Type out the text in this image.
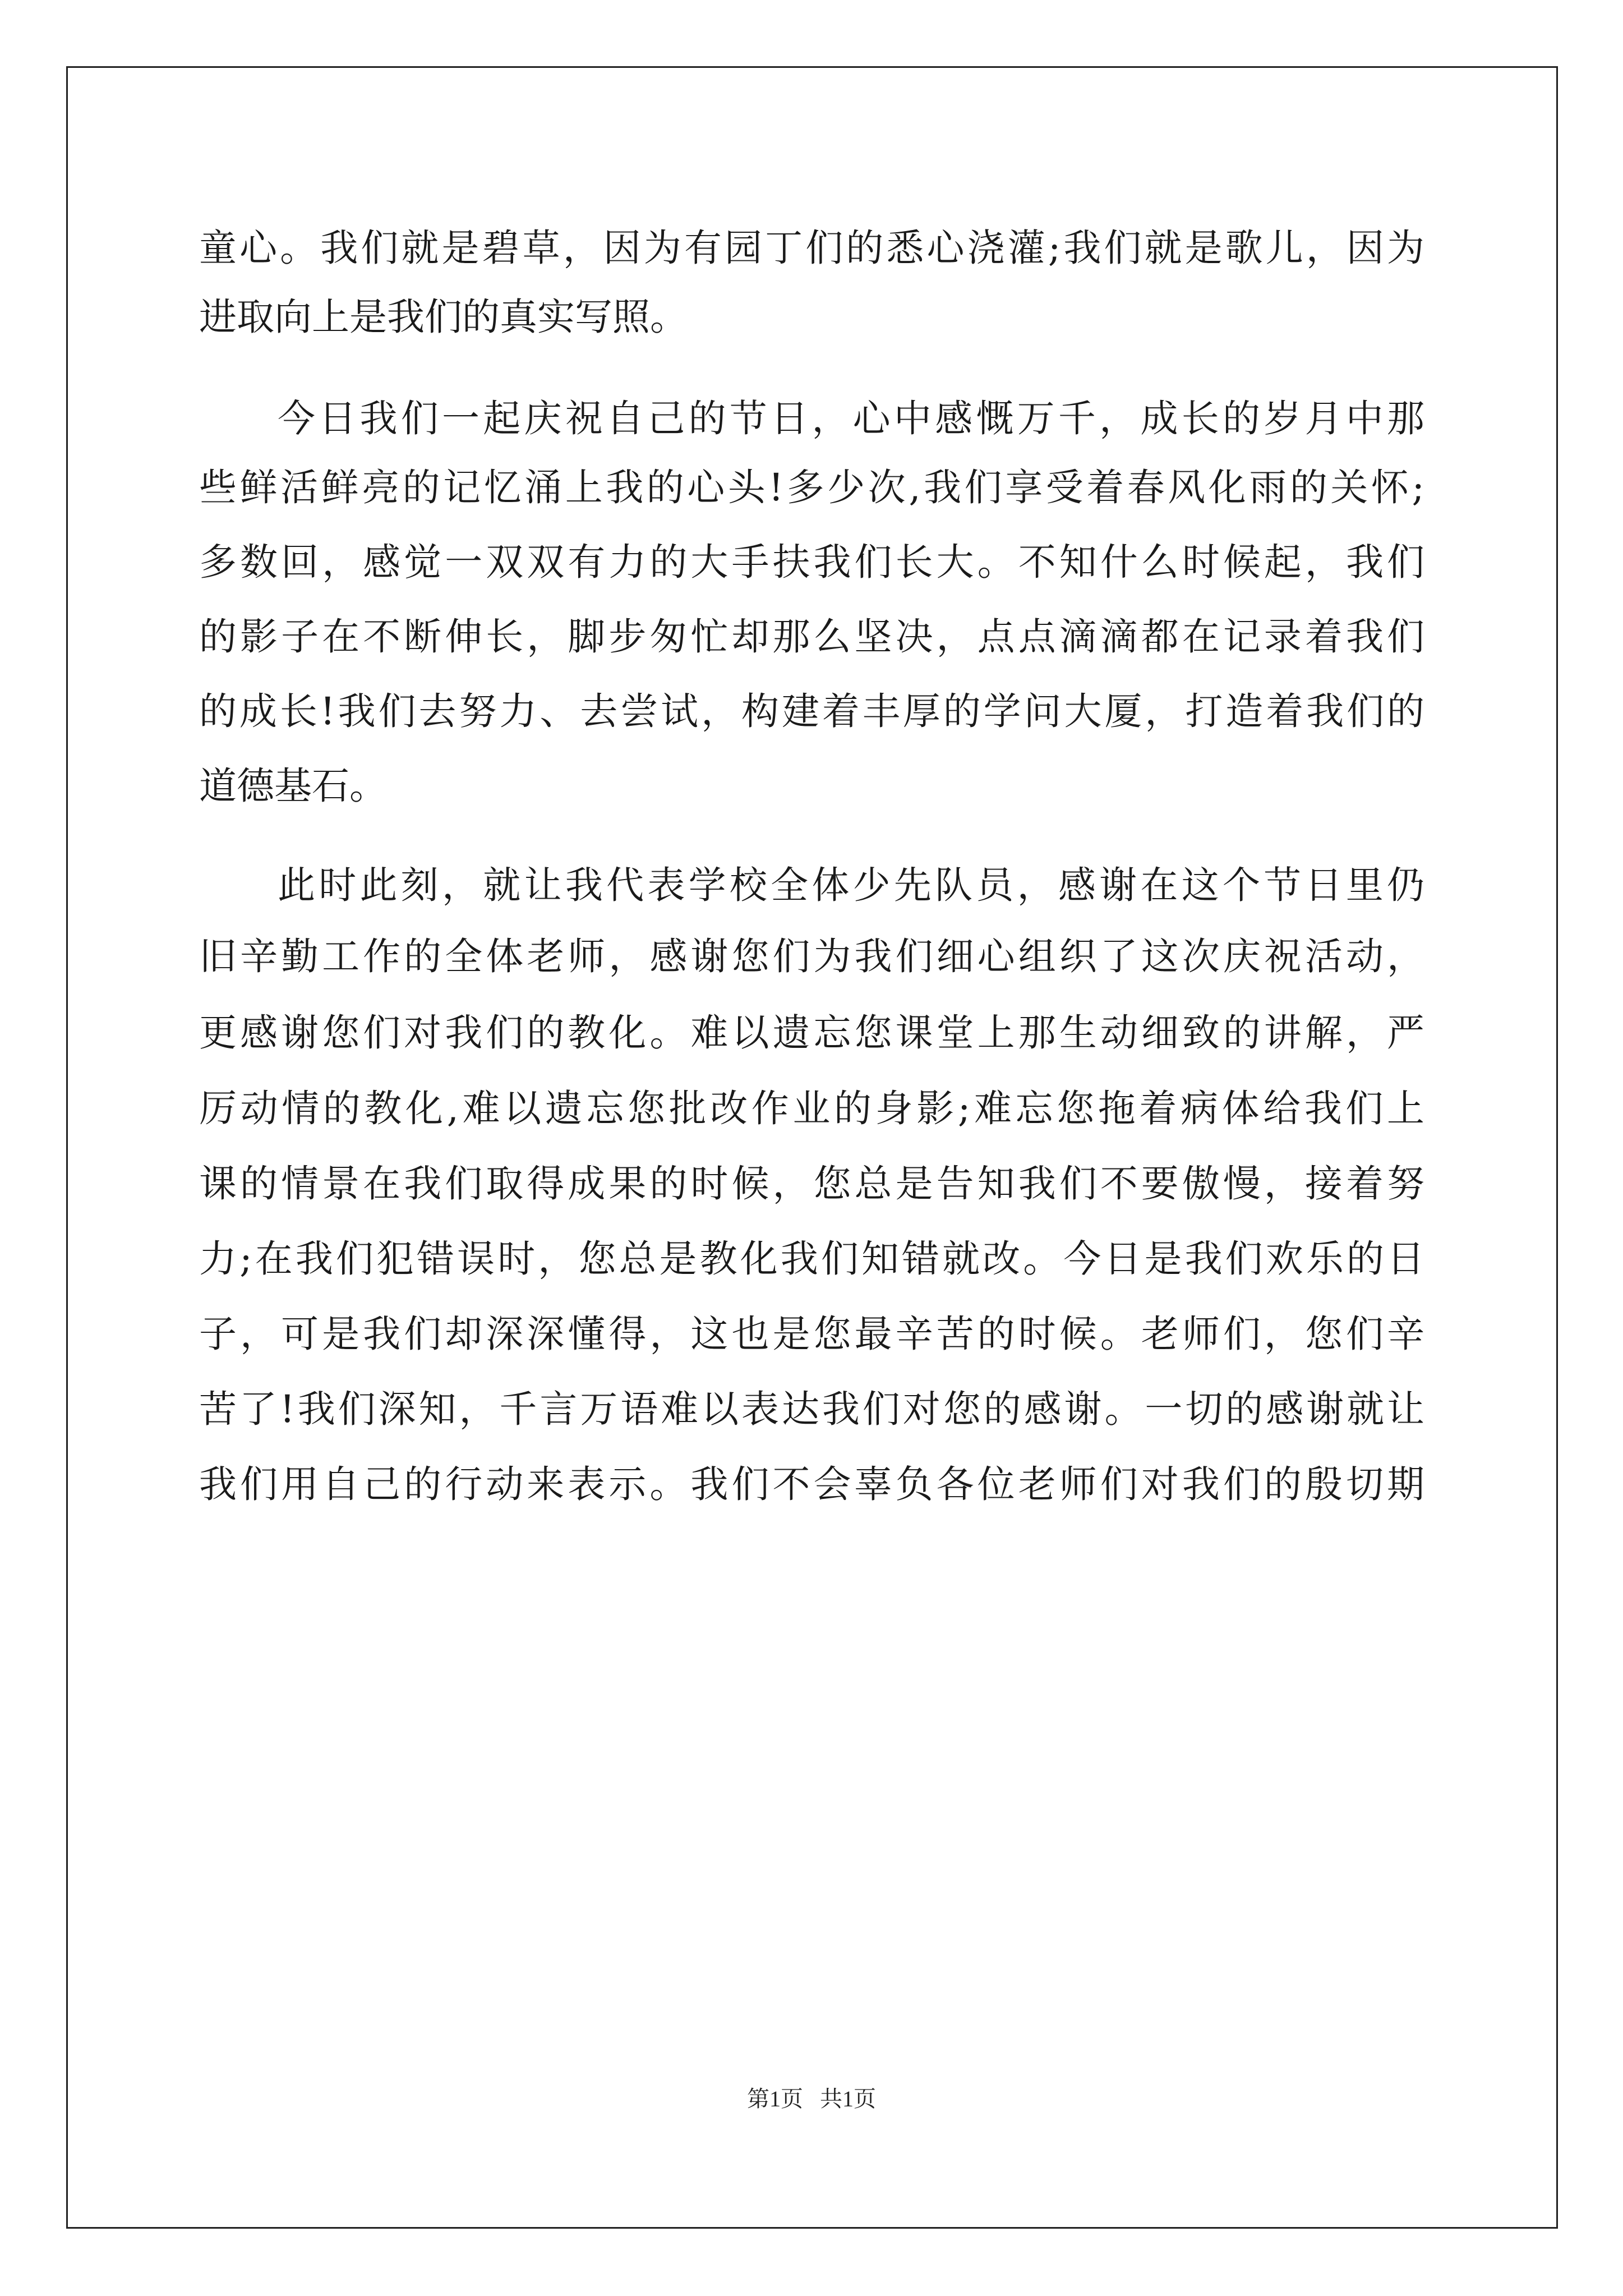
童心。我们就是碧草，因为有园丁们的悉心浇灌;我们就是歌儿，因为
进取向上是我们的真实写照。
今日我们一起庆祝自己的节日，心中感慨万千，成长的岁月中那
些鲜活鲜亮的记忆涌上我的心头!多少次,我们享受着春风化雨的关怀;
多数回，感觉一双双有力的大手扶我们长大。不知什么时候起，我们
的影子在不断伸长，脚步匆忙却那么坚决，点点滴滴都在记录着我们
的成长!我们去努力、去尝试，构建着丰厚的学问大厦，打造着我们的
道德基石。
此时此刻，就让我代表学校全体少先队员，感谢在这个节日里仍
旧辛勤工作的全体老师，感谢您们为我们细心组织了这次庆祝活动，
更感谢您们对我们的教化。难以遗忘您课堂上那生动细致的讲解，严
厉动情的教化,难以遗忘您批改作业的身影;难忘您拖着病体给我们上
课的情景在我们取得成果的时候，您总是告知我们不要傲慢，接着努
力;在我们犯错误时，您总是教化我们知错就改。今日是我们欢乐的日
子，可是我们却深深懂得，这也是您最辛苦的时候。老师们，您们辛
苦了!我们深知，千言万语难以表达我们对您的感谢。一切的感谢就让
我们用自己的行动来表示。我们不会辜负各位老师们对我们的殷切期
第1页 共1页
